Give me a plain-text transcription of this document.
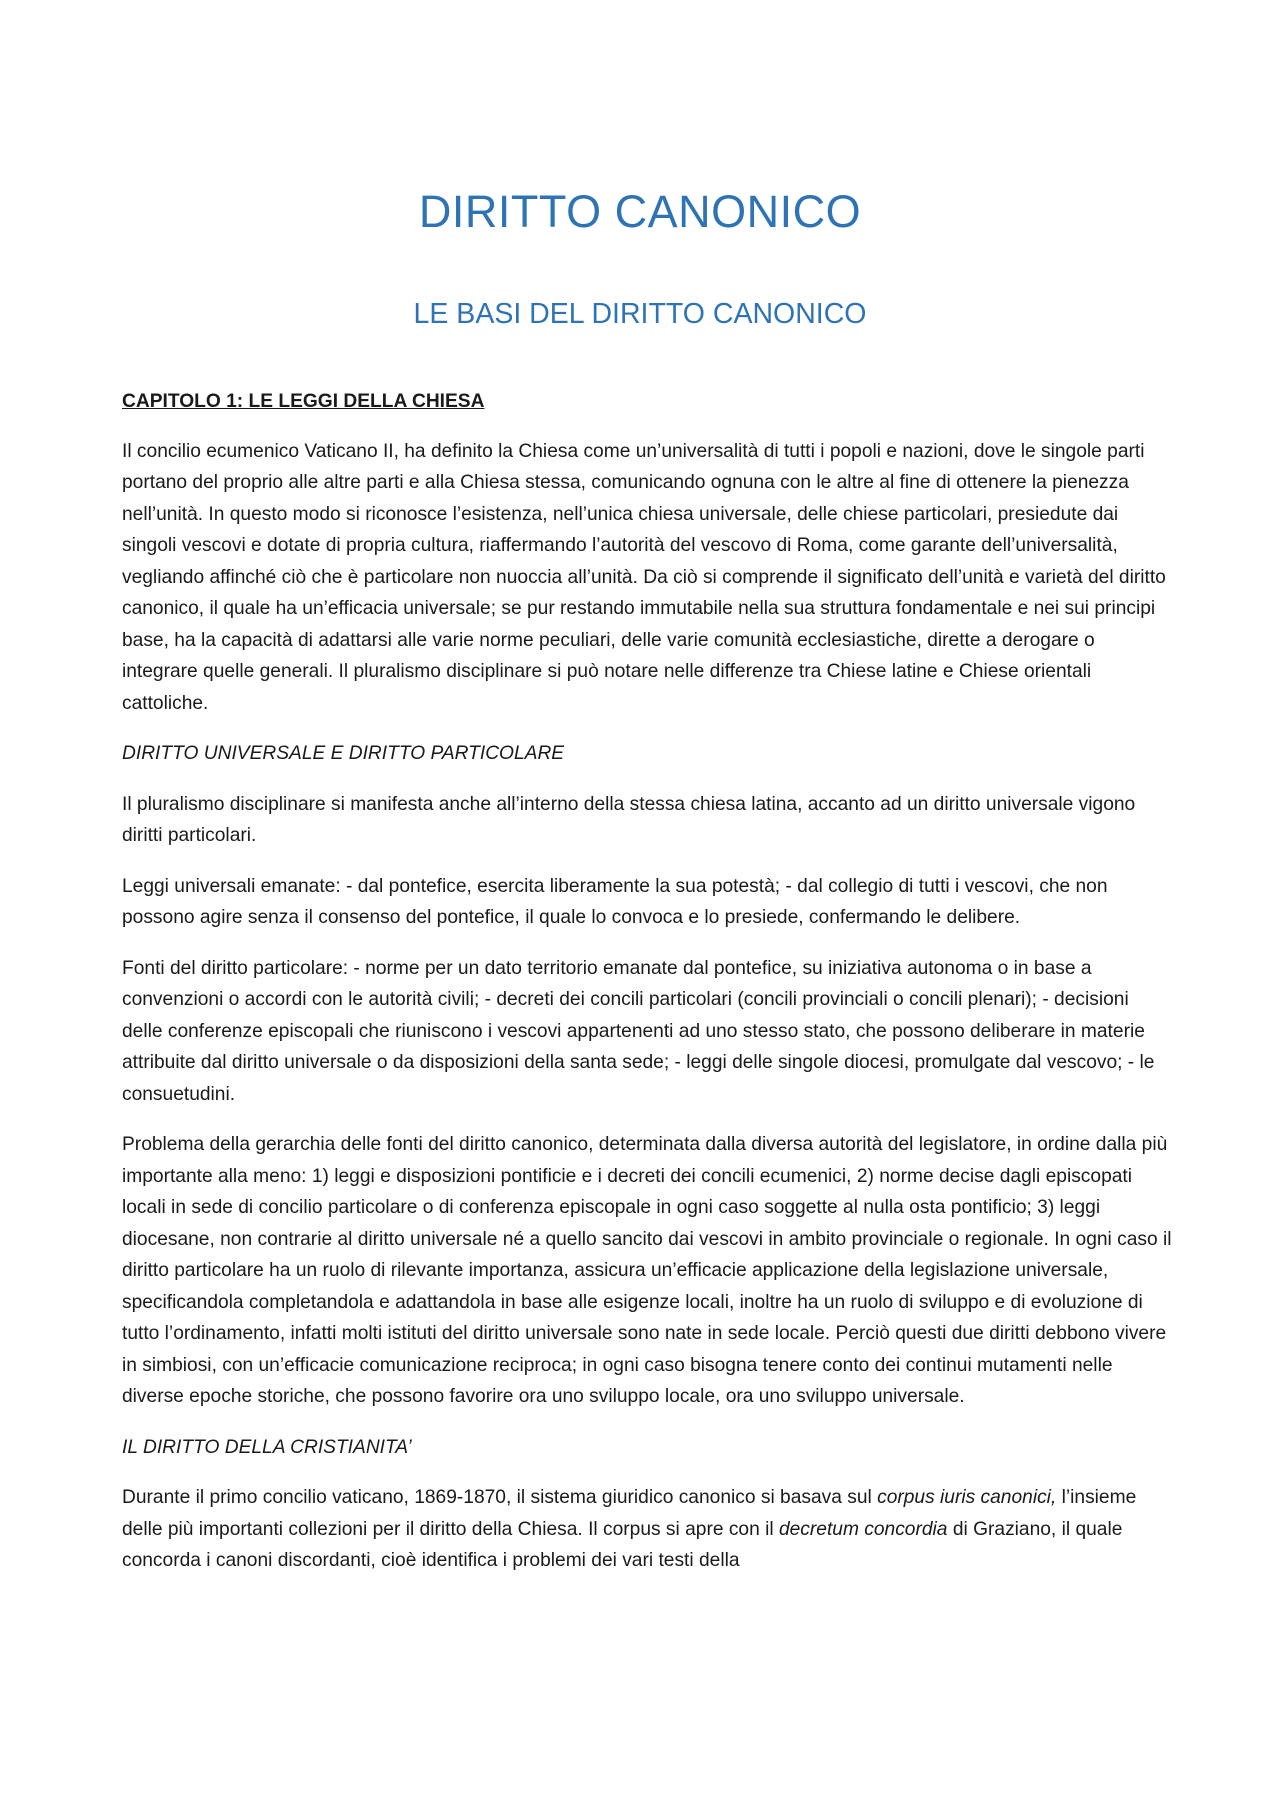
DIRITTO CANONICO
LE BASI DEL DIRITTO CANONICO

CAPITOLO 1: LE LEGGI DELLA CHIESA

Il concilio ecumenico Vaticano II, ha definito la Chiesa come un’universalità di tutti i popoli e nazioni, dove le singole parti portano del proprio alle altre parti e alla Chiesa stessa, comunicando ognuna con le altre al fine di ottenere la pienezza nell’unità. In questo modo si riconosce l’esistenza, nell’unica chiesa universale, delle chiese particolari, presiedute dai singoli vescovi e dotate di propria cultura, riaffermando l’autorità del vescovo di Roma, come garante dell’universalità, vegliando affinché ciò che è particolare non nuoccia all’unità. Da ciò si comprende il significato dell’unità e varietà del diritto canonico, il quale ha un’efficacia universale; se pur restando immutabile nella sua struttura fondamentale e nei sui principi base, ha la capacità di adattarsi alle varie norme peculiari, delle varie comunità ecclesiastiche, dirette a derogare o integrare quelle generali. Il pluralismo disciplinare si può notare nelle differenze tra Chiese latine e Chiese orientali cattoliche.

DIRITTO UNIVERSALE E DIRITTO PARTICOLARE

Il pluralismo disciplinare si manifesta anche all’interno della stessa chiesa latina, accanto ad un diritto universale vigono diritti particolari.

Leggi universali emanate: - dal pontefice, esercita liberamente la sua potestà; - dal collegio di tutti i vescovi, che non possono agire senza il consenso del pontefice, il quale lo convoca e lo presiede, confermando le delibere.

Fonti del diritto particolare: - norme per un dato territorio emanate dal pontefice, su iniziativa autonoma o in base a convenzioni o accordi con le autorità civili; - decreti dei concili particolari (concili provinciali o concili plenari); - decisioni delle conferenze episcopali che riuniscono i vescovi appartenenti ad uno stesso stato, che possono deliberare in materie attribuite dal diritto universale o da disposizioni della santa sede; - leggi delle singole diocesi, promulgate dal vescovo; - le consuetudini.

Problema della gerarchia delle fonti del diritto canonico, determinata dalla diversa autorità del legislatore, in ordine dalla più importante alla meno: 1) leggi e disposizioni pontificie e i decreti dei concili ecumenici, 2) norme decise dagli episcopati locali in sede di concilio particolare o di conferenza episcopale in ogni caso soggette al nulla osta pontificio; 3) leggi diocesane, non contrarie al diritto universale né a quello sancito dai vescovi in ambito provinciale o regionale. In ogni caso il diritto particolare ha un ruolo di rilevante importanza, assicura un’efficacie applicazione della legislazione universale, specificandola completandola e adattandola in base alle esigenze locali, inoltre ha un ruolo di sviluppo e di evoluzione di tutto l’ordinamento, infatti molti istituti del diritto universale sono nate in sede locale. Perciò questi due diritti debbono vivere in simbiosi, con un’efficacie comunicazione reciproca; in ogni caso bisogna tenere conto dei continui mutamenti nelle diverse epoche storiche, che possono favorire ora uno sviluppo locale, ora uno sviluppo universale.

IL DIRITTO DELLA CRISTIANITA’

Durante il primo concilio vaticano, 1869-1870, il sistema giuridico canonico si basava sul corpus iuris canonici, l’insieme delle più importanti collezioni per il diritto della Chiesa. Il corpus si apre con il decretum concordia di Graziano, il quale concorda i canoni discordanti, cioè identifica i problemi dei vari testi della
